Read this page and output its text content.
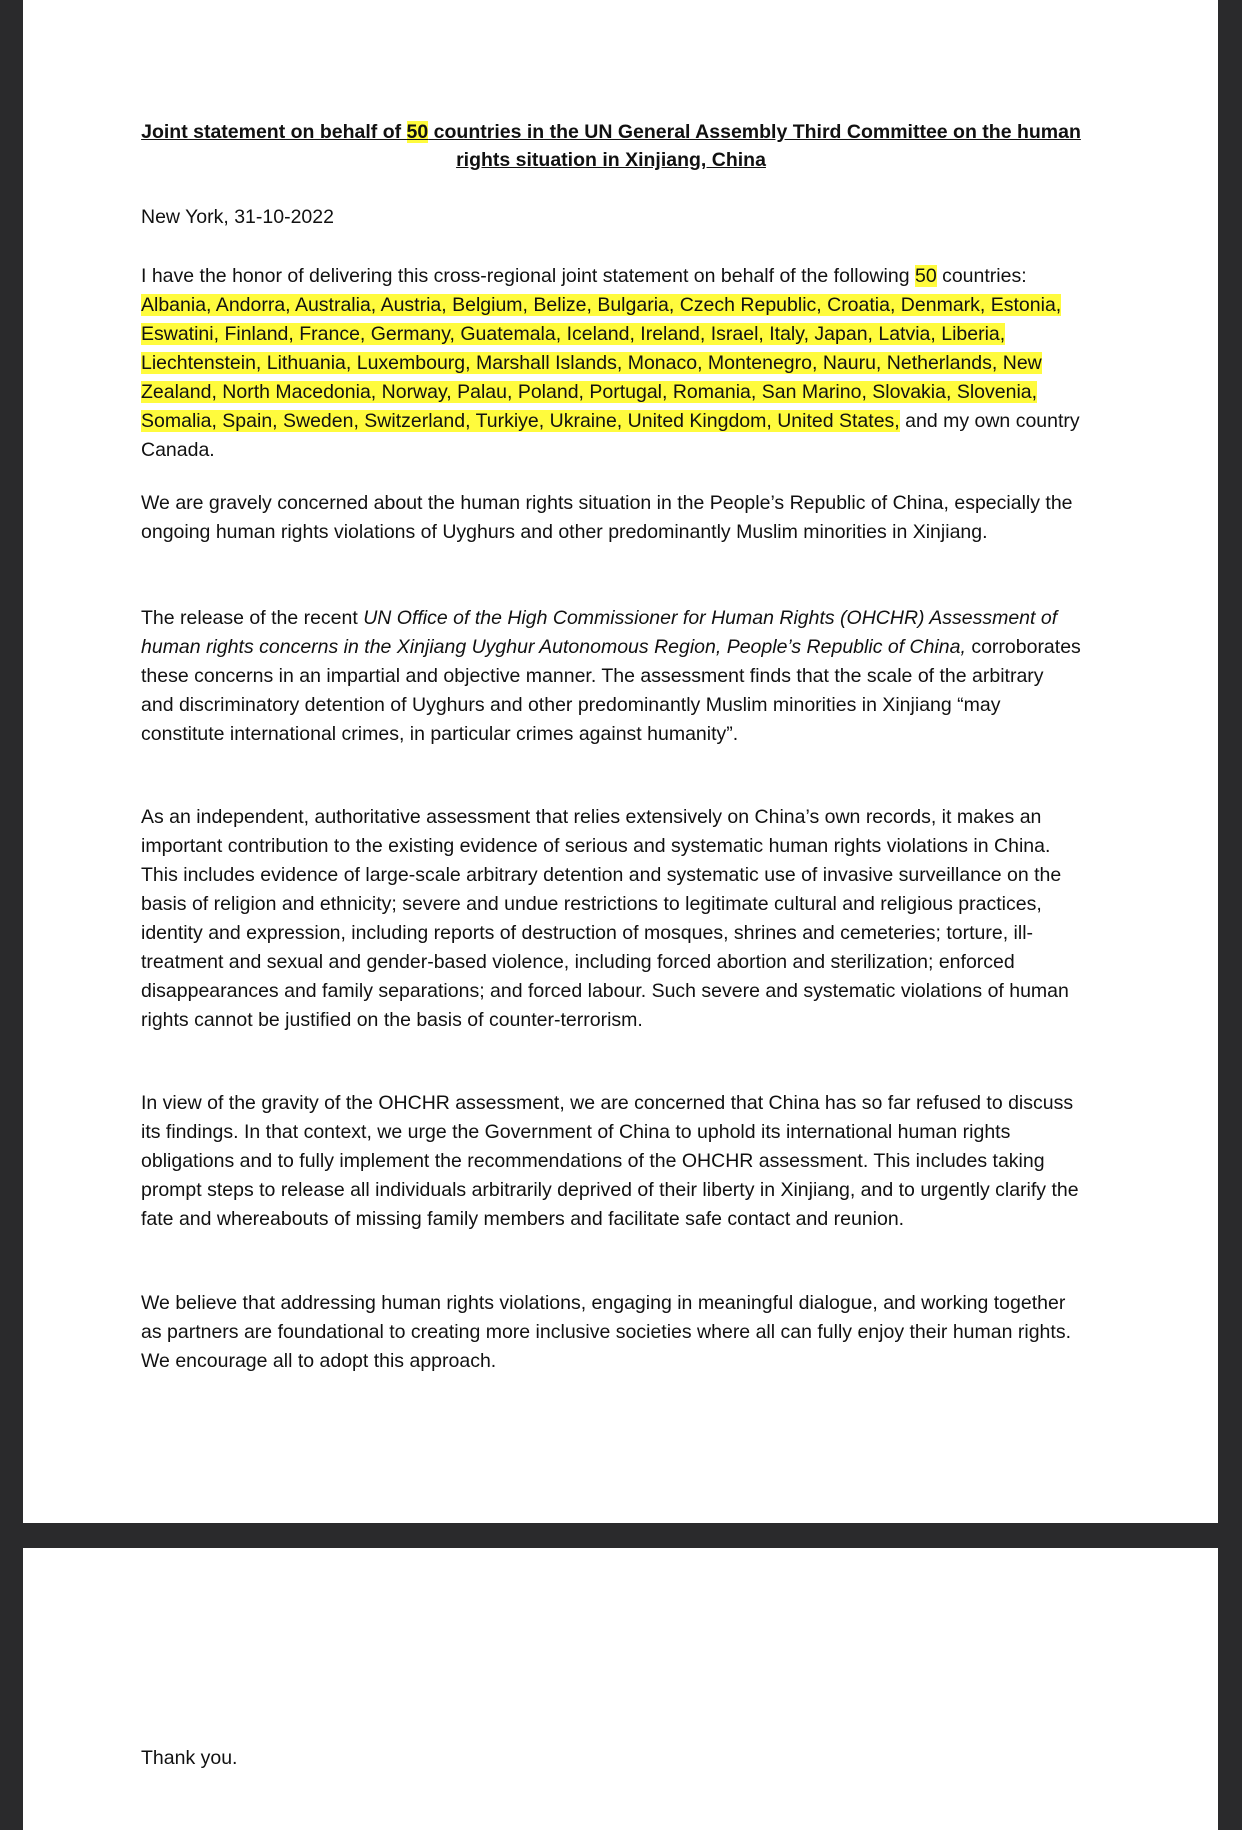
Joint statement on behalf of 50 countries in the UN General Assembly Third Committee on the human rights situation in Xinjiang, China

New York, 31-10-2022

I have the honor of delivering this cross-regional joint statement on behalf of the following 50 countries: Albania, Andorra, Australia, Austria, Belgium, Belize, Bulgaria, Czech Republic, Croatia, Denmark, Estonia, Eswatini, Finland, France, Germany, Guatemala, Iceland, Ireland, Israel, Italy, Japan, Latvia, Liberia, Liechtenstein, Lithuania, Luxembourg, Marshall Islands, Monaco, Montenegro, Nauru, Netherlands, New Zealand, North Macedonia, Norway, Palau, Poland, Portugal, Romania, San Marino, Slovakia, Slovenia, Somalia, Spain, Sweden, Switzerland, Turkiye, Ukraine, United Kingdom, United States, and my own country Canada.

We are gravely concerned about the human rights situation in the People’s Republic of China, especially the ongoing human rights violations of Uyghurs and other predominantly Muslim minorities in Xinjiang.

The release of the recent UN Office of the High Commissioner for Human Rights (OHCHR) Assessment of human rights concerns in the Xinjiang Uyghur Autonomous Region, People’s Republic of China, corroborates these concerns in an impartial and objective manner. The assessment finds that the scale of the arbitrary and discriminatory detention of Uyghurs and other predominantly Muslim minorities in Xinjiang “may constitute international crimes, in particular crimes against humanity”.

As an independent, authoritative assessment that relies extensively on China’s own records, it makes an important contribution to the existing evidence of serious and systematic human rights violations in China. This includes evidence of large-scale arbitrary detention and systematic use of invasive surveillance on the basis of religion and ethnicity; severe and undue restrictions to legitimate cultural and religious practices, identity and expression, including reports of destruction of mosques, shrines and cemeteries; torture, ill-treatment and sexual and gender-based violence, including forced abortion and sterilization; enforced disappearances and family separations; and forced labour. Such severe and systematic violations of human rights cannot be justified on the basis of counter-terrorism.

In view of the gravity of the OHCHR assessment, we are concerned that China has so far refused to discuss its findings. In that context, we urge the Government of China to uphold its international human rights obligations and to fully implement the recommendations of the OHCHR assessment. This includes taking prompt steps to release all individuals arbitrarily deprived of their liberty in Xinjiang, and to urgently clarify the fate and whereabouts of missing family members and facilitate safe contact and reunion.

We believe that addressing human rights violations, engaging in meaningful dialogue, and working together as partners are foundational to creating more inclusive societies where all can fully enjoy their human rights. We encourage all to adopt this approach.

Thank you.
